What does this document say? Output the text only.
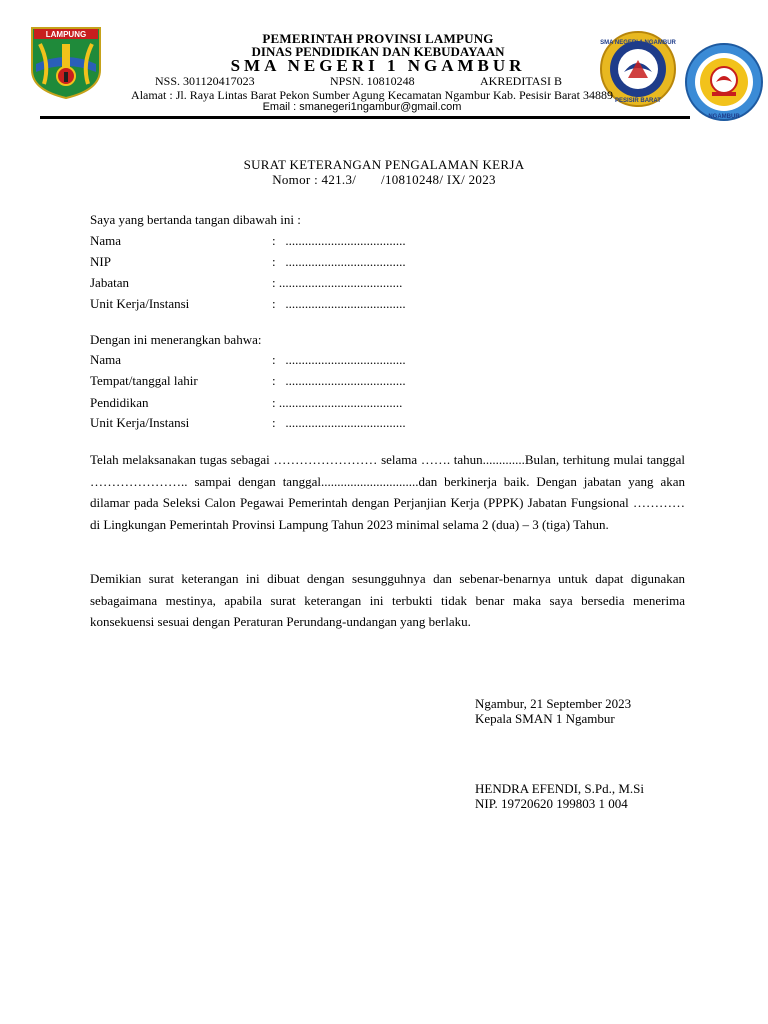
LAMPUNG
SMA NEGERI 1 NGAMBUR
PESISIR BARAT
NGAMBUR
PEMERINTAH PROVINSI LAMPUNG
DINAS PENDIDIKAN DAN KEBUDAYAAN
SMA NEGERI 1 NGAMBUR
NSS. 301120417023	NPSN. 10810248	AKREDITASI B
Alamat : Jl. Raya Lintas Barat Pekon Sumber Agung Kecamatan Ngambur Kab. Pesisir Barat 34889
Email : smanegeri1ngambur@gmail.com
SURAT KETERANGAN PENGALAMAN KERJA
Nomor : 421.3/       /10810248/ IX/ 2023
Saya yang bertanda tangan dibawah ini :
Nama	:   .....................................
NIP	:   .....................................
Jabatan	: ......................................
Unit Kerja/Instansi	:   .....................................
Dengan ini menerangkan bahwa:
Nama	:   .....................................
Tempat/tanggal lahir	:   .....................................
Pendidikan	: ......................................
Unit Kerja/Instansi	:   .....................................
Telah melaksanakan tugas sebagai …………………… selama ……. tahun.............Bulan, terhitung mulai tanggal ………………….. sampai dengan tanggal..............................dan berkinerja baik. Dengan jabatan yang akan dilamar pada Seleksi Calon Pegawai Pemerintah dengan Perjanjian Kerja (PPPK) Jabatan Fungsional ………… di Lingkungan Pemerintah Provinsi Lampung Tahun 2023 minimal selama 2 (dua) – 3 (tiga) Tahun.
Demikian surat keterangan ini dibuat dengan sesungguhnya dan sebenar-benarnya untuk dapat digunakan sebagaimana mestinya, apabila surat keterangan ini terbukti tidak benar maka saya bersedia menerima konsekuensi sesuai dengan Peraturan Perundang-undangan yang berlaku.
Ngambur, 21 September 2023
Kepala SMAN 1 Ngambur
HENDRA EFENDI, S.Pd., M.Si
NIP. 19720620 199803 1 004
